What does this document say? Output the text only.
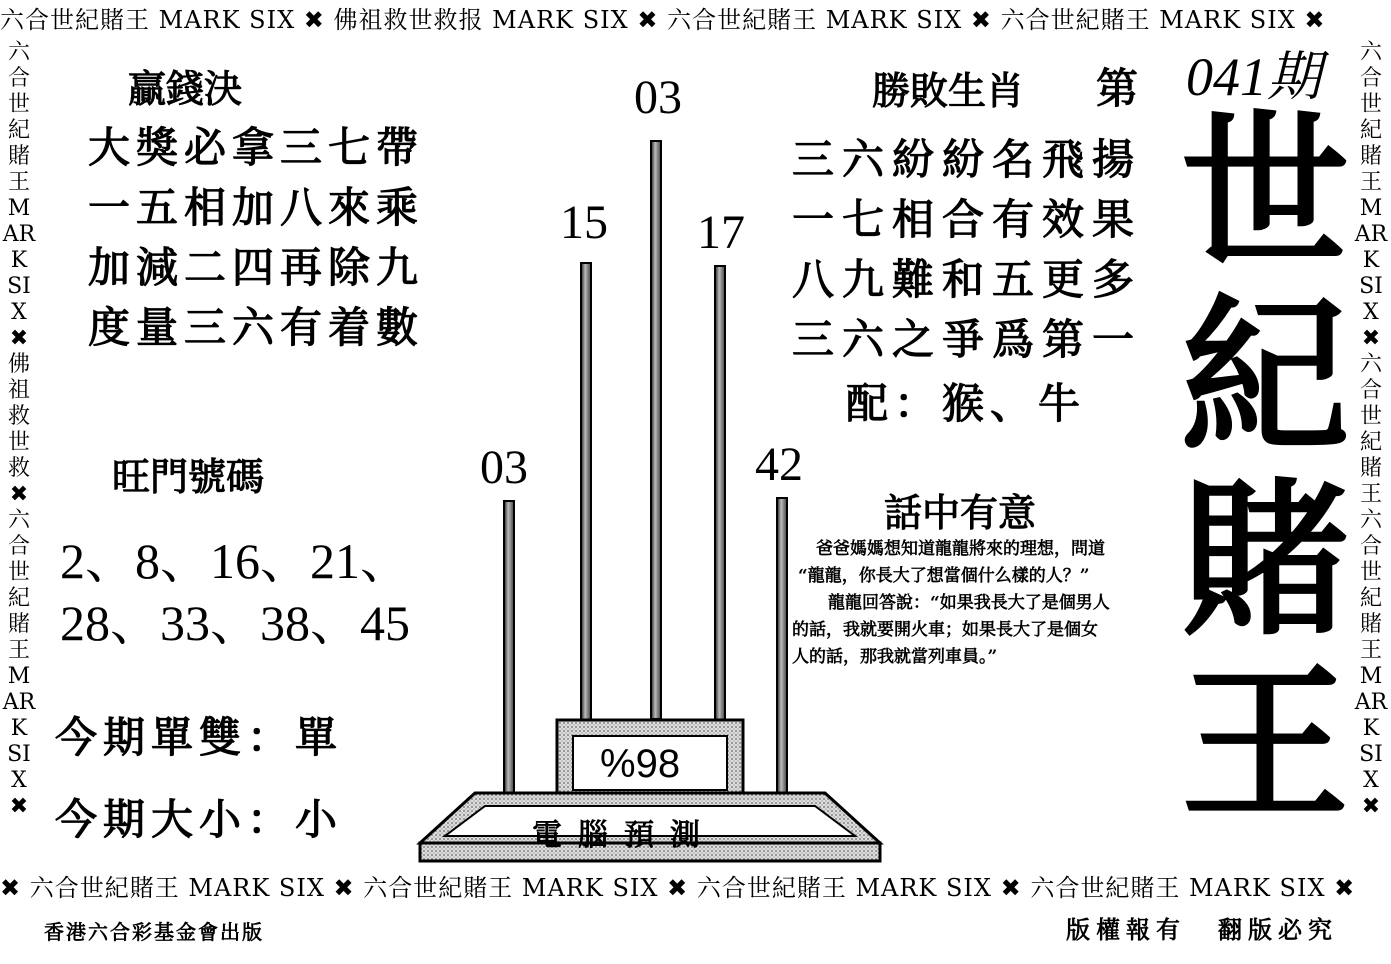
六合世紀賭王 MARK SIX ✖ 佛祖救世救报 MARK SIX ✖ 六合世紀賭王 MARK SIX ✖ 六合世紀賭王 MARK SIX ✖
✖ 六合世紀賭王 MARK SIX ✖ 六合世紀賭王 MARK SIX ✖ 六合世紀賭王 MARK SIX ✖ 六合世紀賭王 MARK SIX ✖
六合世紀賭王 MARK SIX ✖ 佛祖救世救 ✖ 六合世紀賭王 MARK SIX ✖
六合世紀賭王 MARK SIX ✖ 六合世紀賭王 六合世紀賭王 MARK SIX ✖
贏錢決
大獎必拿三七帶
一五相加八來乘
加減二四再除九
度量三六有着數
旺門號碼
2、8、16、21、
28、33、38、45
今期單雙：單
今期大小：小
03
15 17
03	42
%98
電腦預測
勝敗生肖 第 041期
三六紛紛名飛揚
一七相合有效果
八九難和五更多
三六之爭爲第一
配：猴、牛
話中有意
爸爸媽媽想知道龍龍將來的理想，問道
“龍龍，你長大了想當個什么樣的人？”
龍龍回答說：“如果我長大了是個男人
的話，我就要開火車；如果長大了是個女
人的話，那我就當列車員。”
世
紀
賭
王
香港六合彩基金會出版	版權報有 翻版必究
